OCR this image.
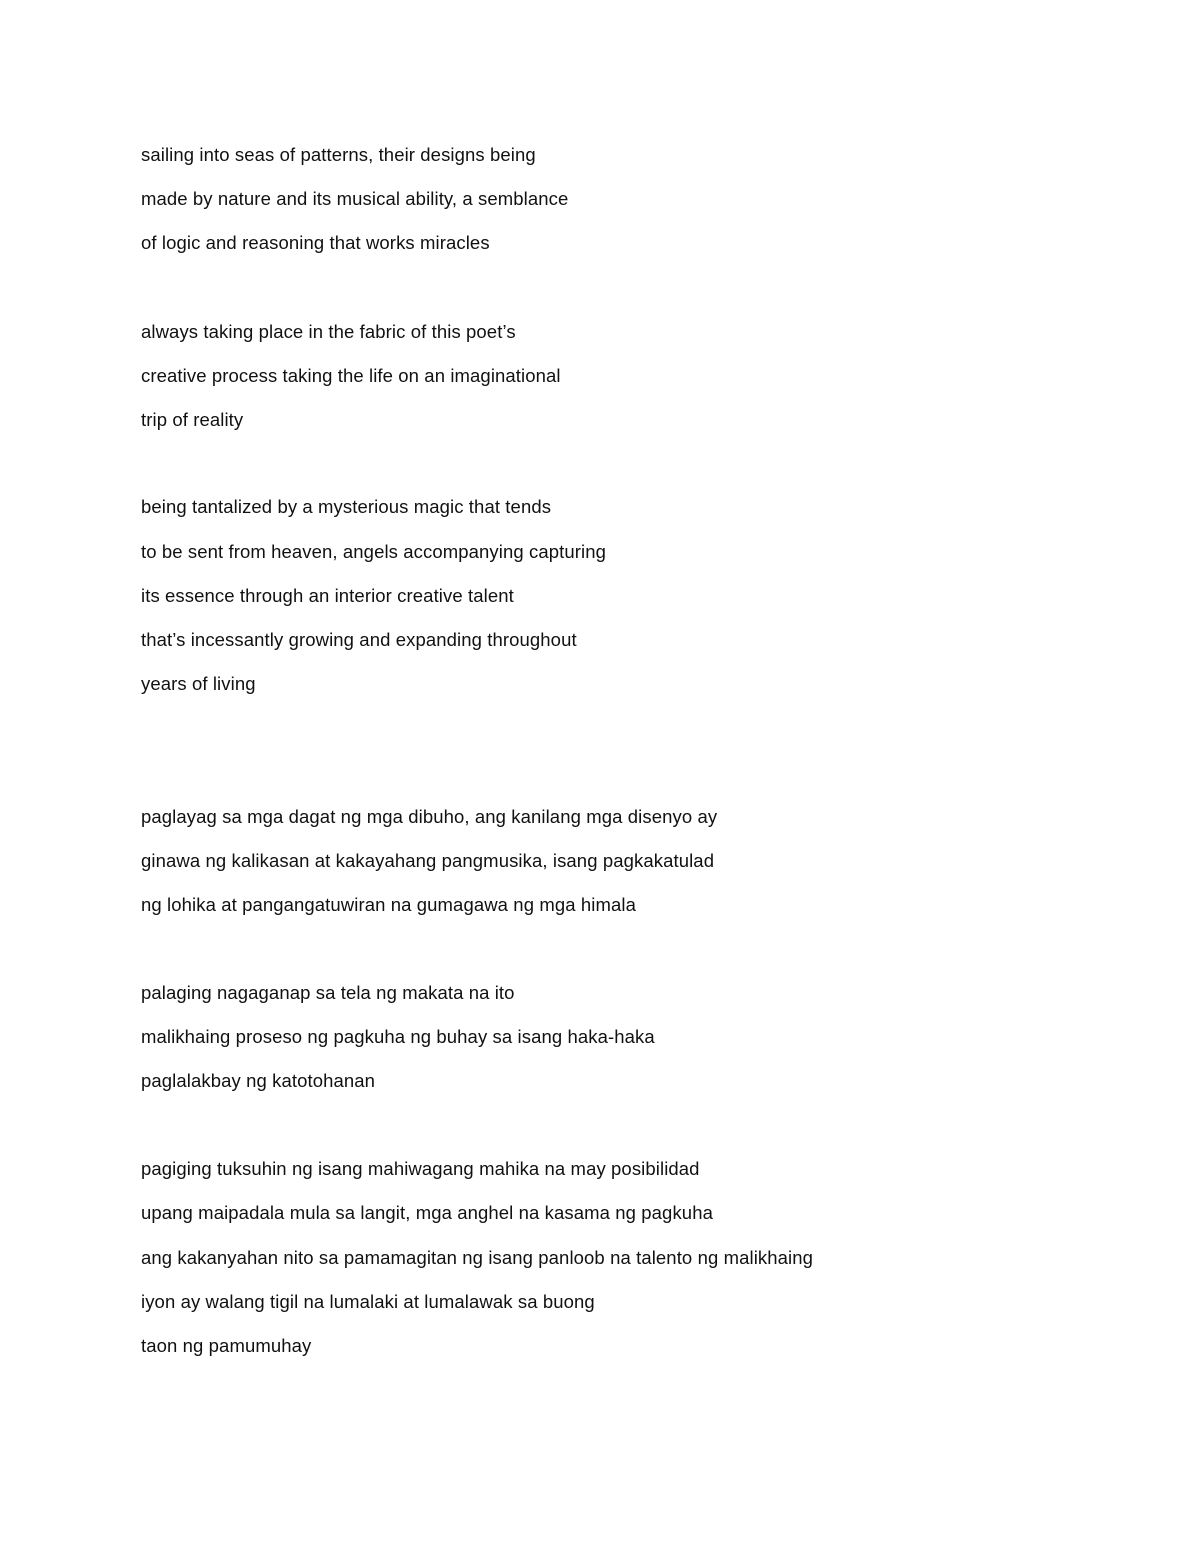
sailing into seas of patterns, their designs being
made by nature and its musical ability, a semblance
of logic and reasoning that works miracles
always taking place in the fabric of this poet’s
creative process taking the life on an imaginational
trip of reality
being tantalized by a mysterious magic that tends
to be sent from heaven, angels accompanying capturing
its essence through an interior creative talent
that’s incessantly growing and expanding throughout
years of living
paglayag sa mga dagat ng mga dibuho, ang kanilang mga disenyo ay
ginawa ng kalikasan at kakayahang pangmusika, isang pagkakatulad
ng lohika at pangangatuwiran na gumagawa ng mga himala
palaging nagaganap sa tela ng makata na ito
malikhaing proseso ng pagkuha ng buhay sa isang haka-haka
paglalakbay ng katotohanan
pagiging tuksuhin ng isang mahiwagang mahika na may posibilidad
upang maipadala mula sa langit, mga anghel na kasama ng pagkuha
ang kakanyahan nito sa pamamagitan ng isang panloob na talento ng malikhaing
iyon ay walang tigil na lumalaki at lumalawak sa buong
taon ng pamumuhay
